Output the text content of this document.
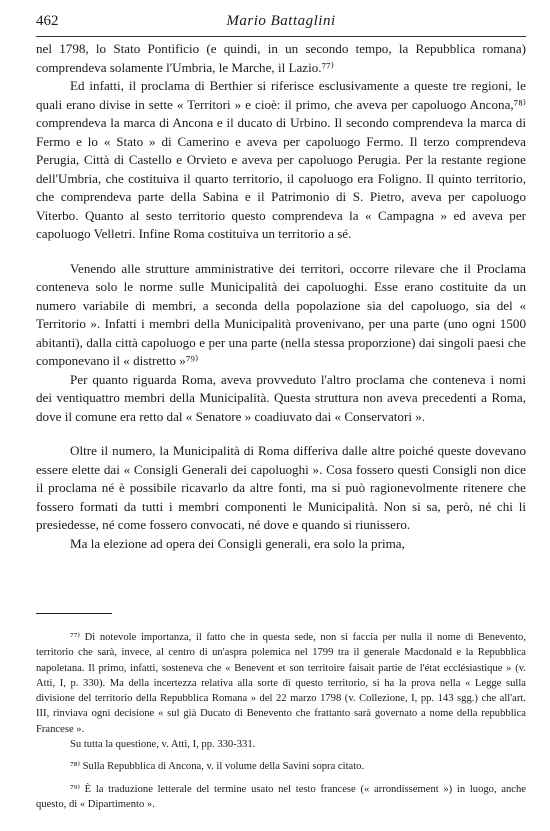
462	Mario Battaglini

nel 1798, lo Stato Pontificio (e quindi, in un secondo tempo, la Repubblica romana) comprendeva solamente l'Umbria, le Marche, il Lazio.⁷⁷⁾

Ed infatti, il proclama di Berthier si riferisce esclusivamente a queste tre regioni, le quali erano divise in sette « Territori » e cioè: il primo, che aveva per capoluogo Ancona,⁷⁸⁾ comprendeva la marca di Ancona e il ducato di Urbino. Il secondo comprendeva la marca di Fermo e lo « Stato » di Camerino e aveva per capoluogo Fermo. Il terzo comprendeva Perugia, Città di Castello e Orvieto e aveva per capoluogo Perugia. Per la restante regione dell'Umbria, che costituiva il quarto territorio, il capoluogo era Foligno. Il quinto territorio, che comprendeva parte della Sabina e il Patrimonio di S. Pietro, aveva per capoluogo Viterbo. Quanto al sesto territorio questo comprendeva la « Campagna » ed aveva per capoluogo Velletri. Infine Roma costituiva un territorio a sé.

Venendo alle strutture amministrative dei territori, occorre rilevare che il Proclama conteneva solo le norme sulle Municipalità dei capoluoghi. Esse erano costituite da un numero variabile di membri, a seconda della popolazione sia del capoluogo, sia del « Territorio ». Infatti i membri della Municipalità provenivano, per una parte (uno ogni 1500 abitanti), dalla città capoluogo e per una parte (nella stessa proporzione) dai singoli paesi che componevano il « distretto »⁷⁹⁾

Per quanto riguarda Roma, aveva provveduto l'altro proclama che conteneva i nomi dei ventiquattro membri della Municipalità. Questa struttura non aveva precedenti a Roma, dove il comune era retto dal « Senatore » coadiuvato dai « Conservatori ».

Oltre il numero, la Municipalità di Roma differiva dalle altre poiché queste dovevano essere elette dai « Consigli Generali dei capoluoghi ». Cosa fossero questi Consigli non dice il proclama né è possibile ricavarlo da altre fonti, ma si può ragionevolmente ritenere che fossero formati da tutti i membri componenti le Municipalità. Non si sa, però, né chi li presiedesse, né come fossero convocati, né dove e quando si riunissero.

Ma la elezione ad opera dei Consigli generali, era solo la prima,

⁷⁷⁾ Di notevole importanza, il fatto che in questa sede, non si faccia per nulla il nome di Benevento, territorio che sarà, invece, al centro di un'aspra polemica nel 1799 tra il generale Macdonald e la Repubblica napoletana. Il primo, infatti, sosteneva che « Benevent et son territoire faisait partie de l'état ecclésiastique » (v. Atti, I, p. 330). Ma della incertezza relativa alla sorte di questo territorio, si ha la prova nella « Legge sulla divisione del territorio della Repubblica Romana » del 22 marzo 1798 (v. Collezione, I, pp. 143 sgg.) che all'art. III, rinviava ogni decisione « sul già Ducato di Benevento che frattanto sarà governato a nome della repubblica Francese ».

Su tutta la questione, v. Atti, I, pp. 330-331.

⁷⁸⁾ Sulla Repubblica di Ancona, v. il volume della Savini sopra citato.

⁷⁹⁾ È la traduzione letterale del termine usato nel testo francese (« arrondissement ») in luogo, anche questo, di « Dipartimento ».
